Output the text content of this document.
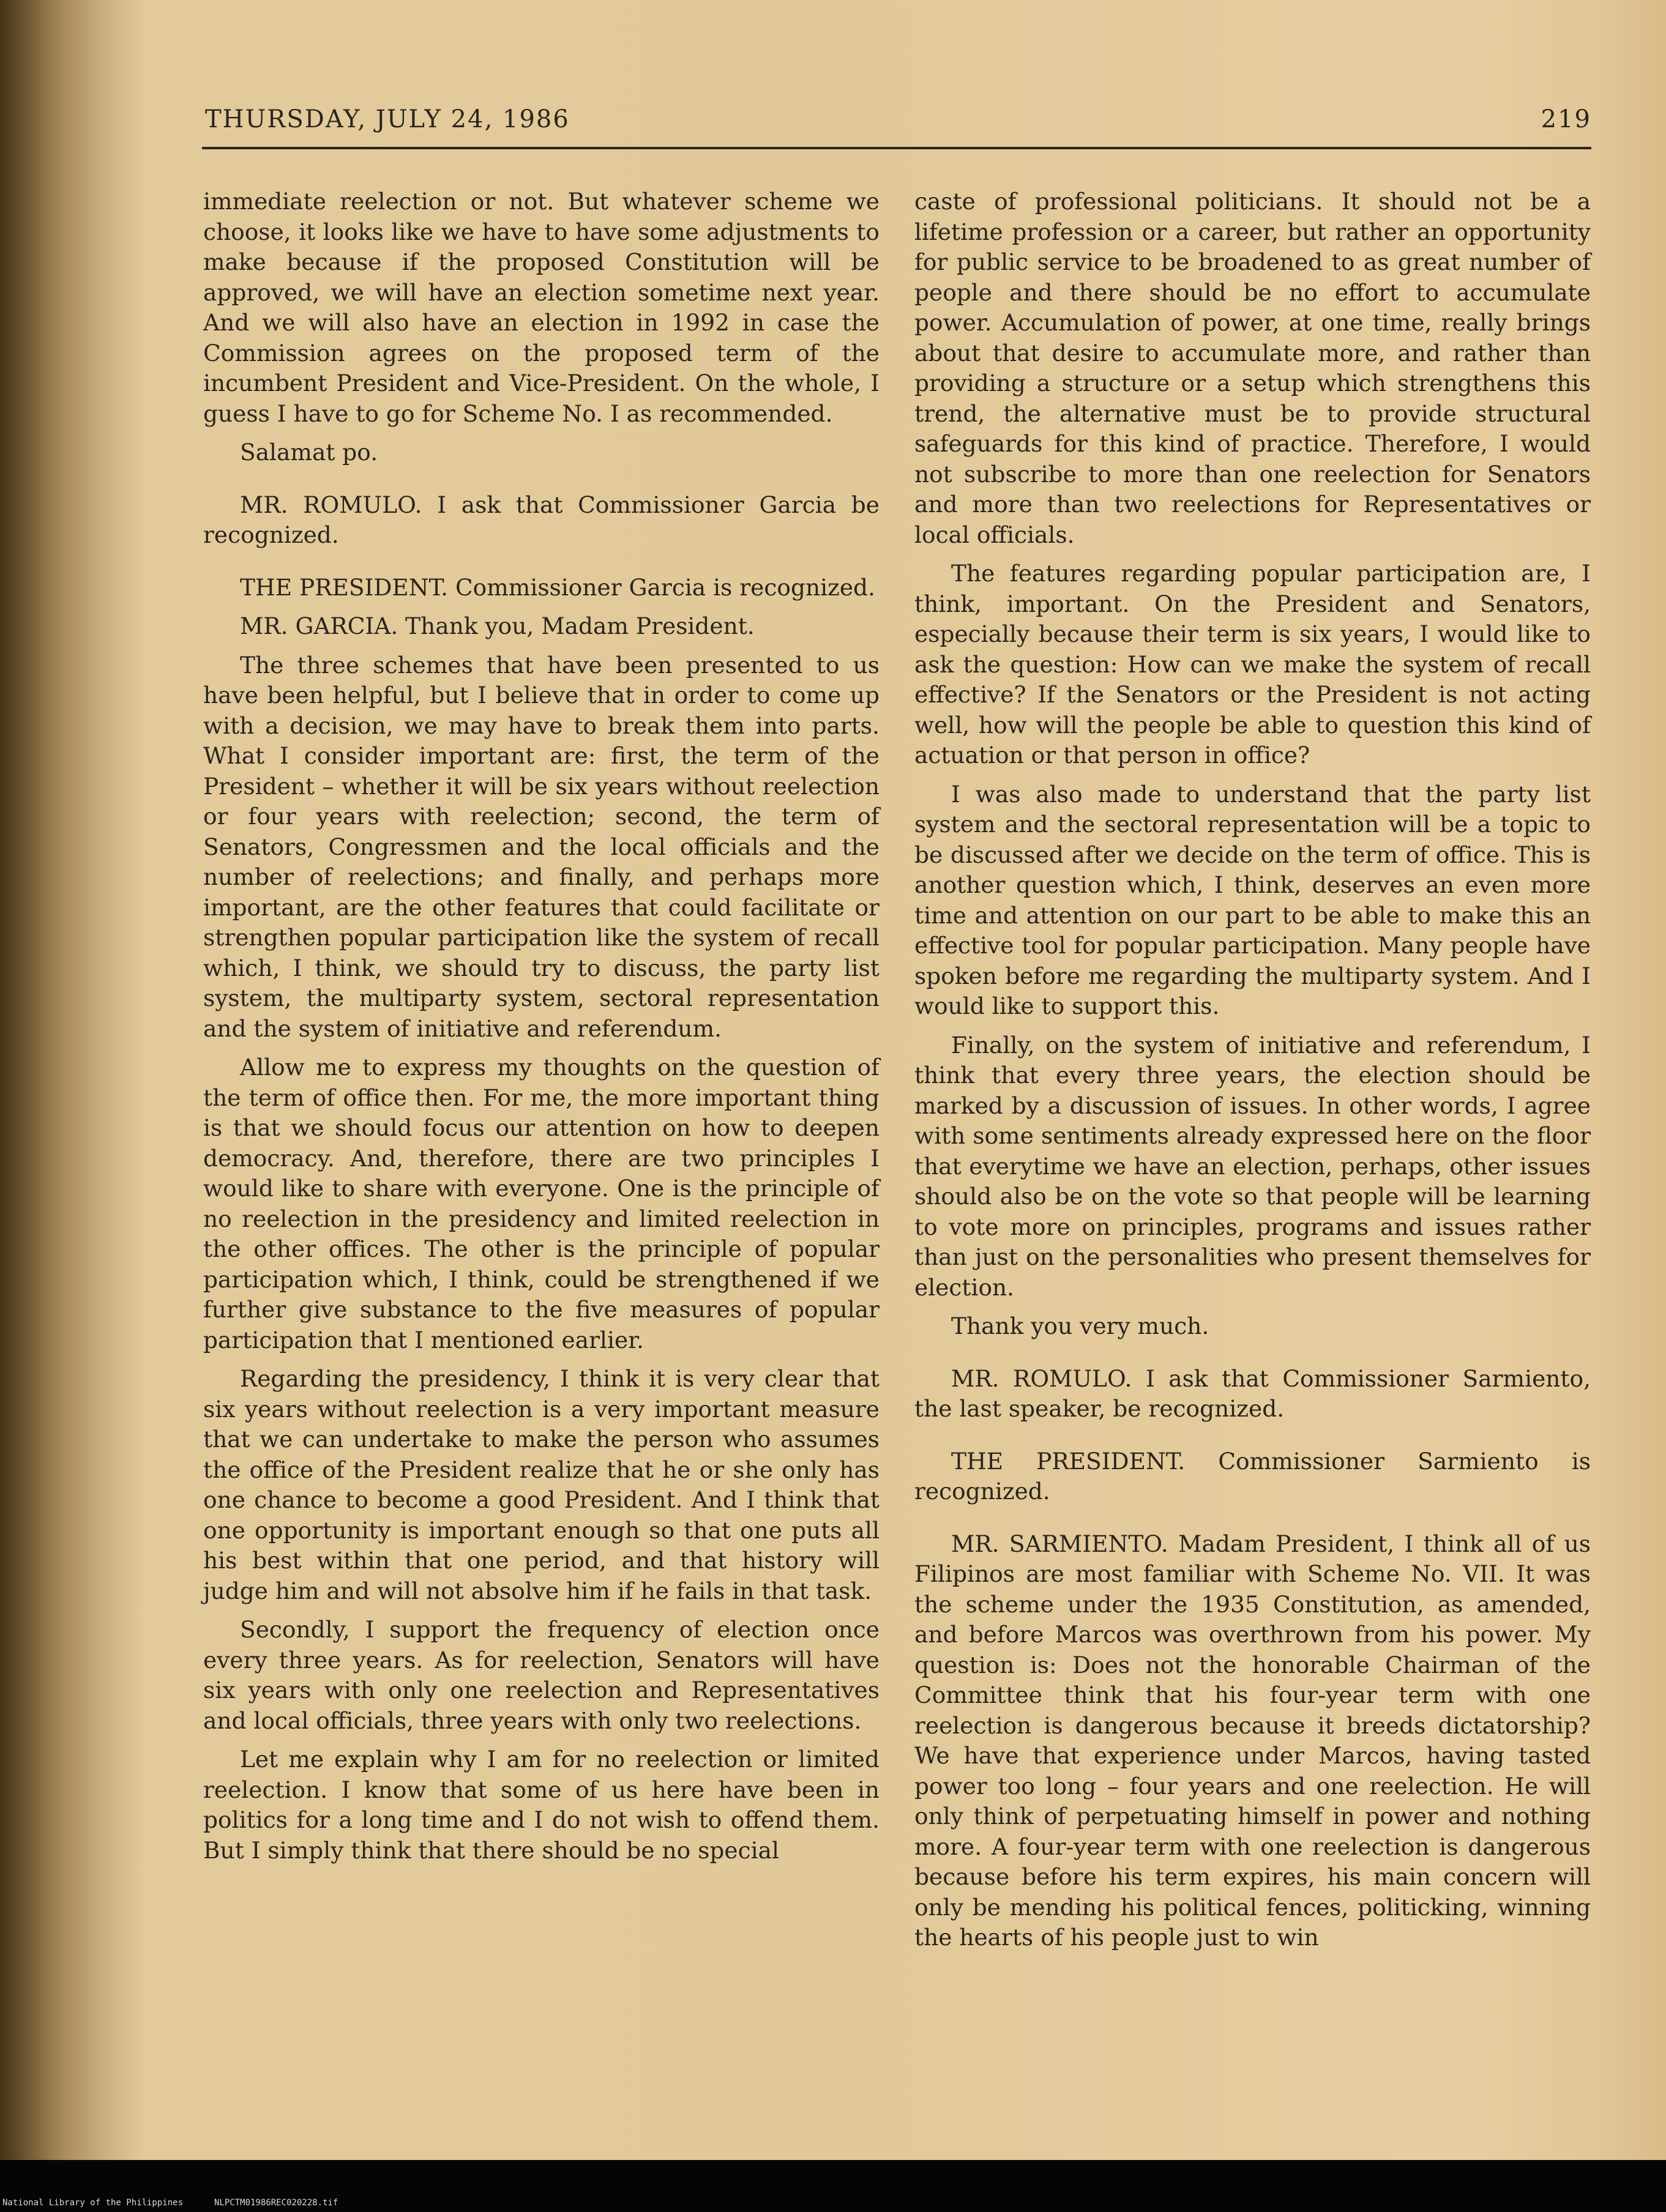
THURSDAY, JULY 24, 1986	219

immediate reelection or not. But whatever scheme we choose, it looks like we have to have some adjustments to make because if the proposed Constitution will be approved, we will have an election sometime next year. And we will also have an election in 1992 in case the Commission agrees on the proposed term of the incumbent President and Vice-President. On the whole, I guess I have to go for Scheme No. I as recommended.

Salamat po.

MR. ROMULO. I ask that Commissioner Garcia be recognized.

THE PRESIDENT. Commissioner Garcia is recognized.

MR. GARCIA. Thank you, Madam President.

The three schemes that have been presented to us have been helpful, but I believe that in order to come up with a decision, we may have to break them into parts. What I consider important are: first, the term of the President – whether it will be six years without reelection or four years with reelection; second, the term of Senators, Congressmen and the local officials and the number of reelections; and finally, and perhaps more important, are the other features that could facilitate or strengthen popular participation like the system of recall which, I think, we should try to discuss, the party list system, the multiparty system, sectoral representation and the system of initiative and referendum.

Allow me to express my thoughts on the question of the term of office then. For me, the more important thing is that we should focus our attention on how to deepen democracy. And, therefore, there are two principles I would like to share with everyone. One is the principle of no reelection in the presidency and limited reelection in the other offices. The other is the principle of popular participation which, I think, could be strengthened if we further give substance to the five measures of popular participation that I mentioned earlier.

Regarding the presidency, I think it is very clear that six years without reelection is a very important measure that we can undertake to make the person who assumes the office of the President realize that he or she only has one chance to become a good President. And I think that one opportunity is important enough so that one puts all his best within that one period, and that history will judge him and will not absolve him if he fails in that task.

Secondly, I support the frequency of election once every three years. As for reelection, Senators will have six years with only one reelection and Representatives and local officials, three years with only two reelections.

Let me explain why I am for no reelection or limited reelection. I know that some of us here have been in politics for a long time and I do not wish to offend them. But I simply think that there should be no special

caste of professional politicians. It should not be a lifetime profession or a career, but rather an opportunity for public service to be broadened to as great number of people and there should be no effort to accumulate power. Accumulation of power, at one time, really brings about that desire to accumulate more, and rather than providing a structure or a setup which strengthens this trend, the alternative must be to provide structural safeguards for this kind of practice. Therefore, I would not subscribe to more than one reelection for Senators and more than two reelections for Representatives or local officials.

The features regarding popular participation are, I think, important. On the President and Senators, especially because their term is six years, I would like to ask the question: How can we make the system of recall effective? If the Senators or the President is not acting well, how will the people be able to question this kind of actuation or that person in office?

I was also made to understand that the party list system and the sectoral representation will be a topic to be discussed after we decide on the term of office. This is another question which, I think, deserves an even more time and attention on our part to be able to make this an effective tool for popular participation. Many people have spoken before me regarding the multiparty system. And I would like to support this.

Finally, on the system of initiative and referendum, I think that every three years, the election should be marked by a discussion of issues. In other words, I agree with some sentiments already expressed here on the floor that everytime we have an election, perhaps, other issues should also be on the vote so that people will be learning to vote more on principles, programs and issues rather than just on the personalities who present themselves for election.

Thank you very much.

MR. ROMULO. I ask that Commissioner Sarmiento, the last speaker, be recognized.

THE PRESIDENT. Commissioner Sarmiento is recognized.

MR. SARMIENTO. Madam President, I think all of us Filipinos are most familiar with Scheme No. VII. It was the scheme under the 1935 Constitution, as amended, and before Marcos was overthrown from his power. My question is: Does not the honorable Chairman of the Committee think that his four-year term with one reelection is dangerous because it breeds dictatorship? We have that experience under Marcos, having tasted power too long – four years and one reelection. He will only think of perpetuating himself in power and nothing more. A four-year term with one reelection is dangerous because before his term expires, his main concern will only be mending his political fences, politicking, winning the hearts of his people just to win

National Library of the Philippines	NLPCTM01986REC020228.tif
